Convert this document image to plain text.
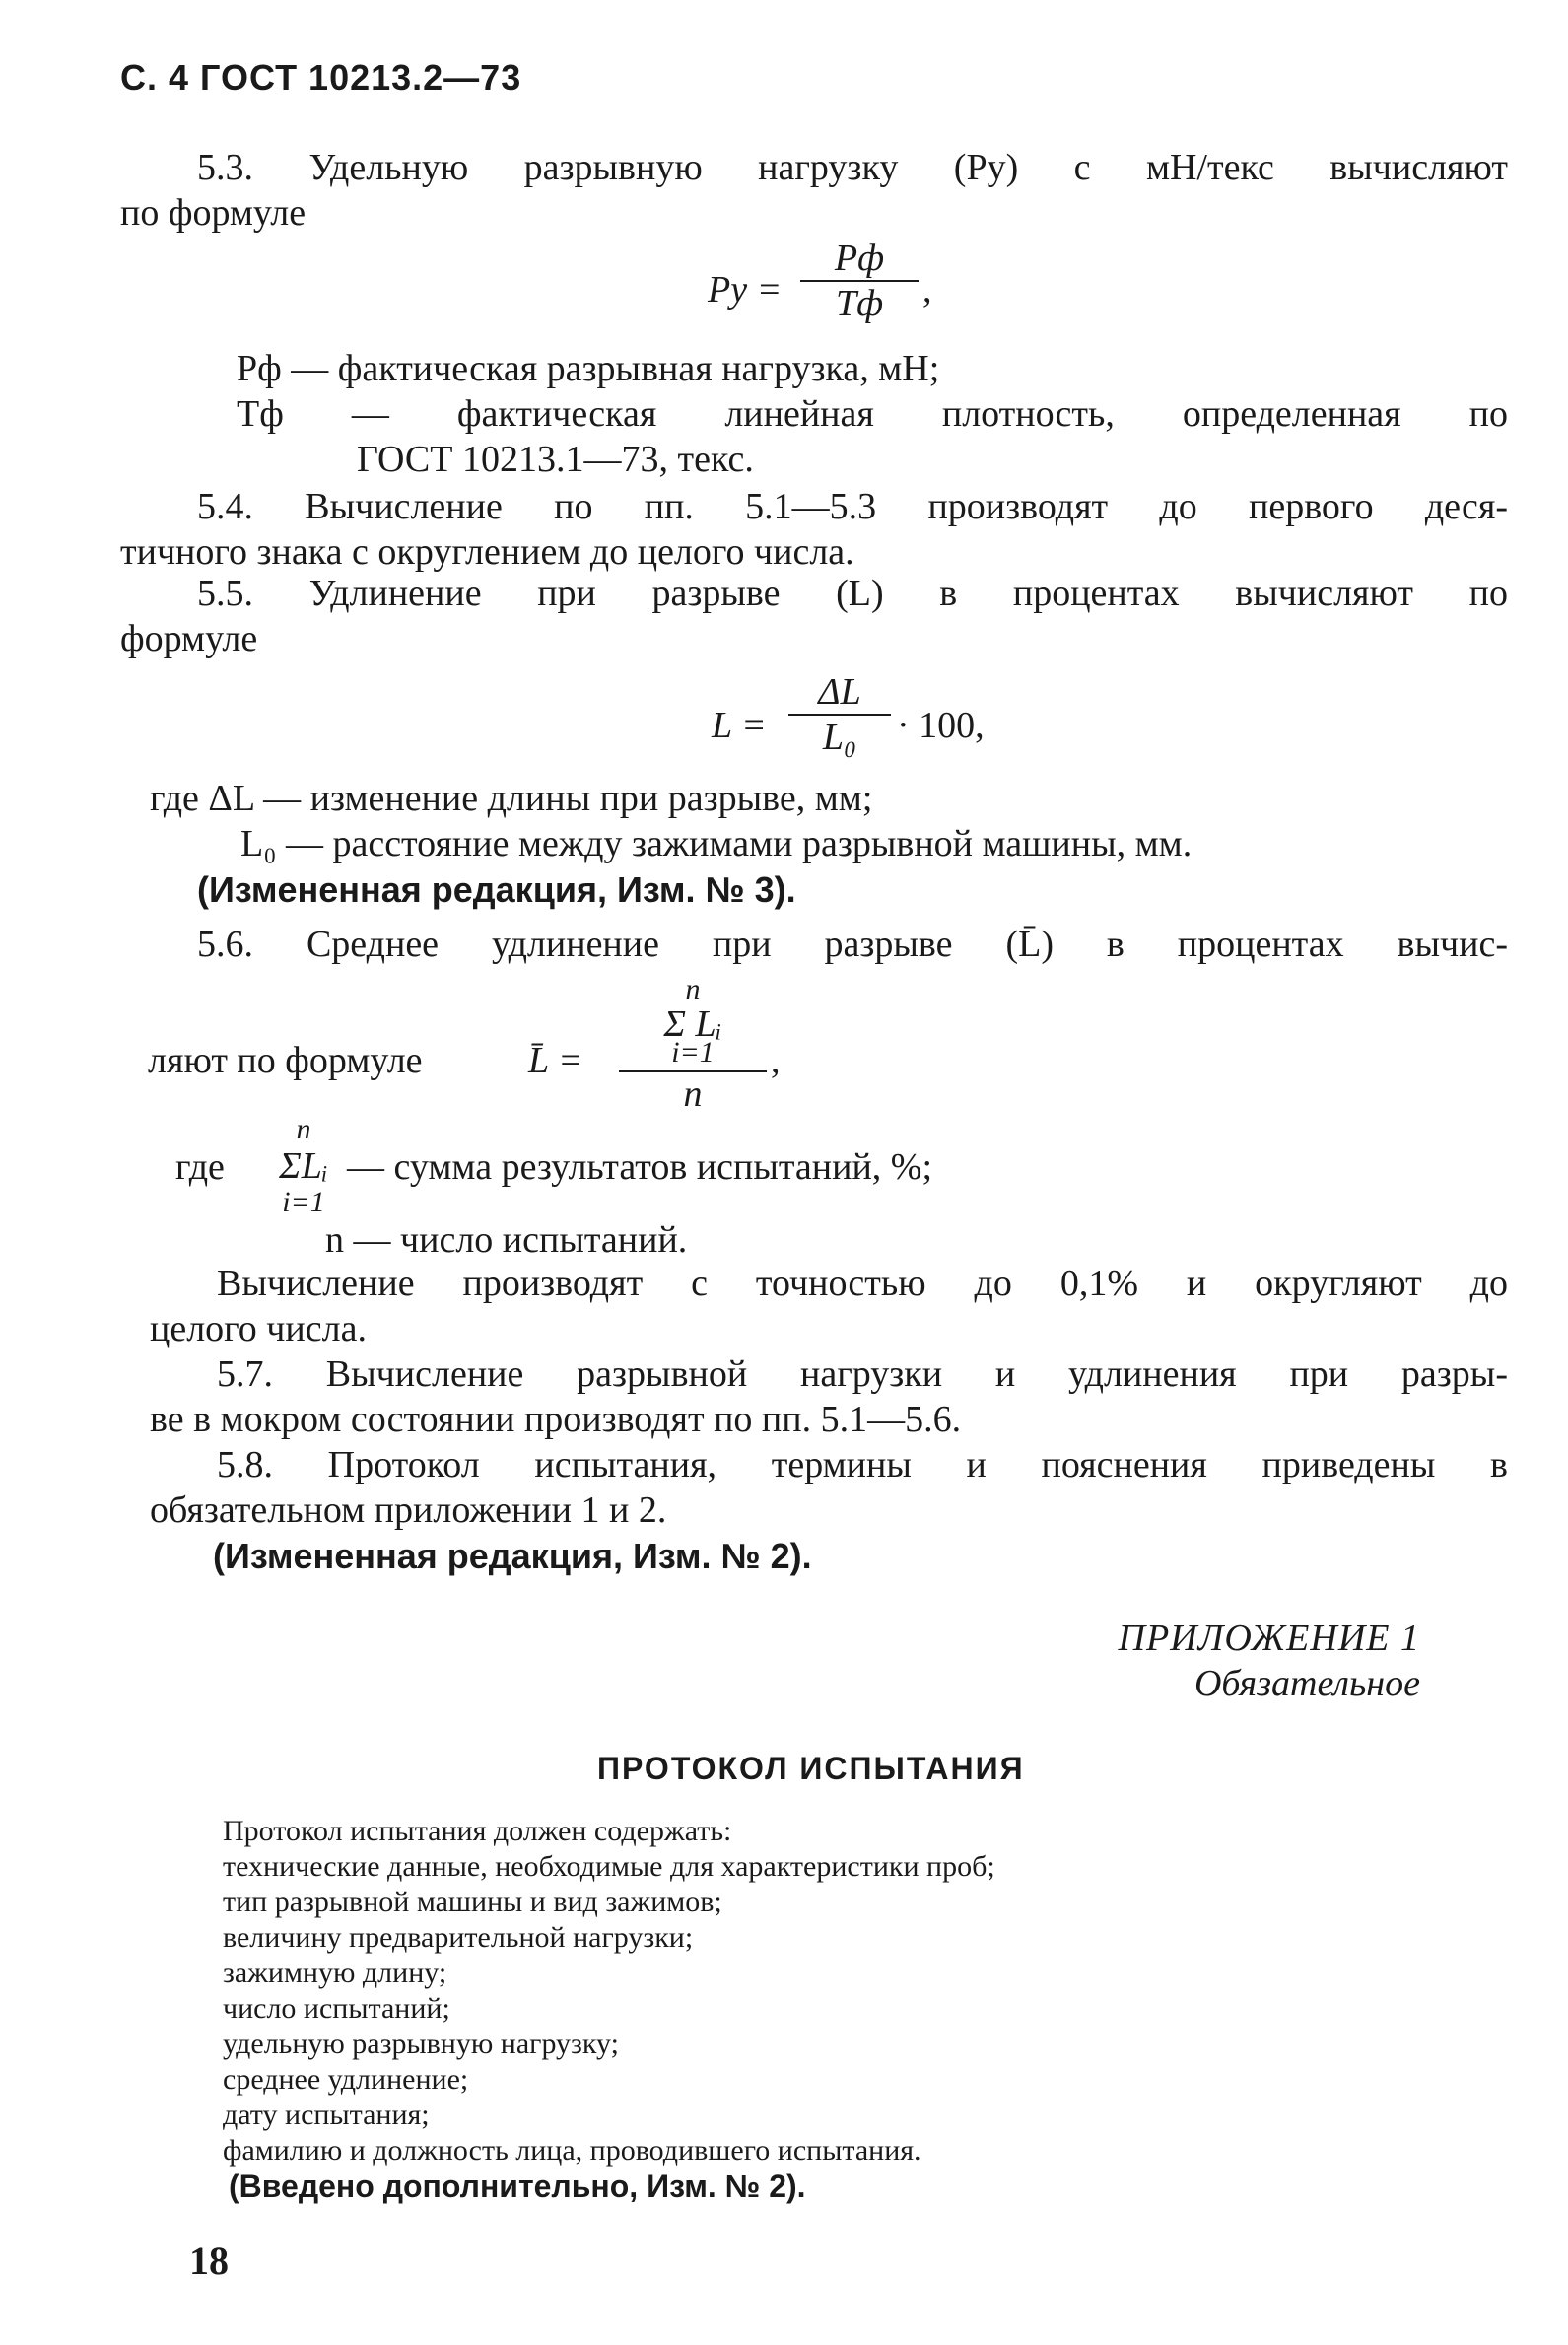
С. 4 ГОСТ 10213.2—73
5.3. Удельную разрывную нагрузку (Pу) с мН/текс вычисляют
по формуле
Pу =
Pф
Tф	,
Pф — фактическая разрывная нагрузка, мН;
Tф — фактическая линейная плотность, определенная по
ГОСТ 10213.1—73, текс.
5.4. Вычисление по пп. 5.1—5.3 производят до первого деся-
тичного знака с округлением до целого числа.
5.5. Удлинение при разрыве (L) в процентах вычисляют по
формуле
L =
ΔL
L₀	· 100,
где ΔL — изменение длины при разрыве, мм;
L₀ — расстояние между зажимами разрывной машины, мм.
(Измененная редакция, Изм. № 3).
5.6. Среднее удлинение при разрыве (L̄) в процентах вычис-
ляют по формуле	L̄ =
n
Σ Lᵢ
i=1
n
,
где
n
ΣLᵢ
i=1
— сумма результатов испытаний, %;
n — число испытаний.
Вычисление производят с точностью до 0,1% и округляют до
целого числа.
5.7. Вычисление разрывной нагрузки и удлинения при разры-
ве в мокром состоянии производят по пп. 5.1—5.6.
5.8. Протокол испытания, термины и пояснения приведены в
обязательном приложении 1 и 2.
(Измененная редакция, Изм. № 2).
ПРИЛОЖЕНИЕ 1
Обязательное
ПРОТОКОЛ ИСПЫТАНИЯ
Протокол испытания должен содержать:
технические данные, необходимые для характеристики проб;
тип разрывной машины и вид зажимов;
величину предварительной нагрузки;
зажимную длину;
число испытаний;
удельную разрывную нагрузку;
среднее удлинение;
дату испытания;
фамилию и должность лица, проводившего испытания.
(Введено дополнительно, Изм. № 2).
18
